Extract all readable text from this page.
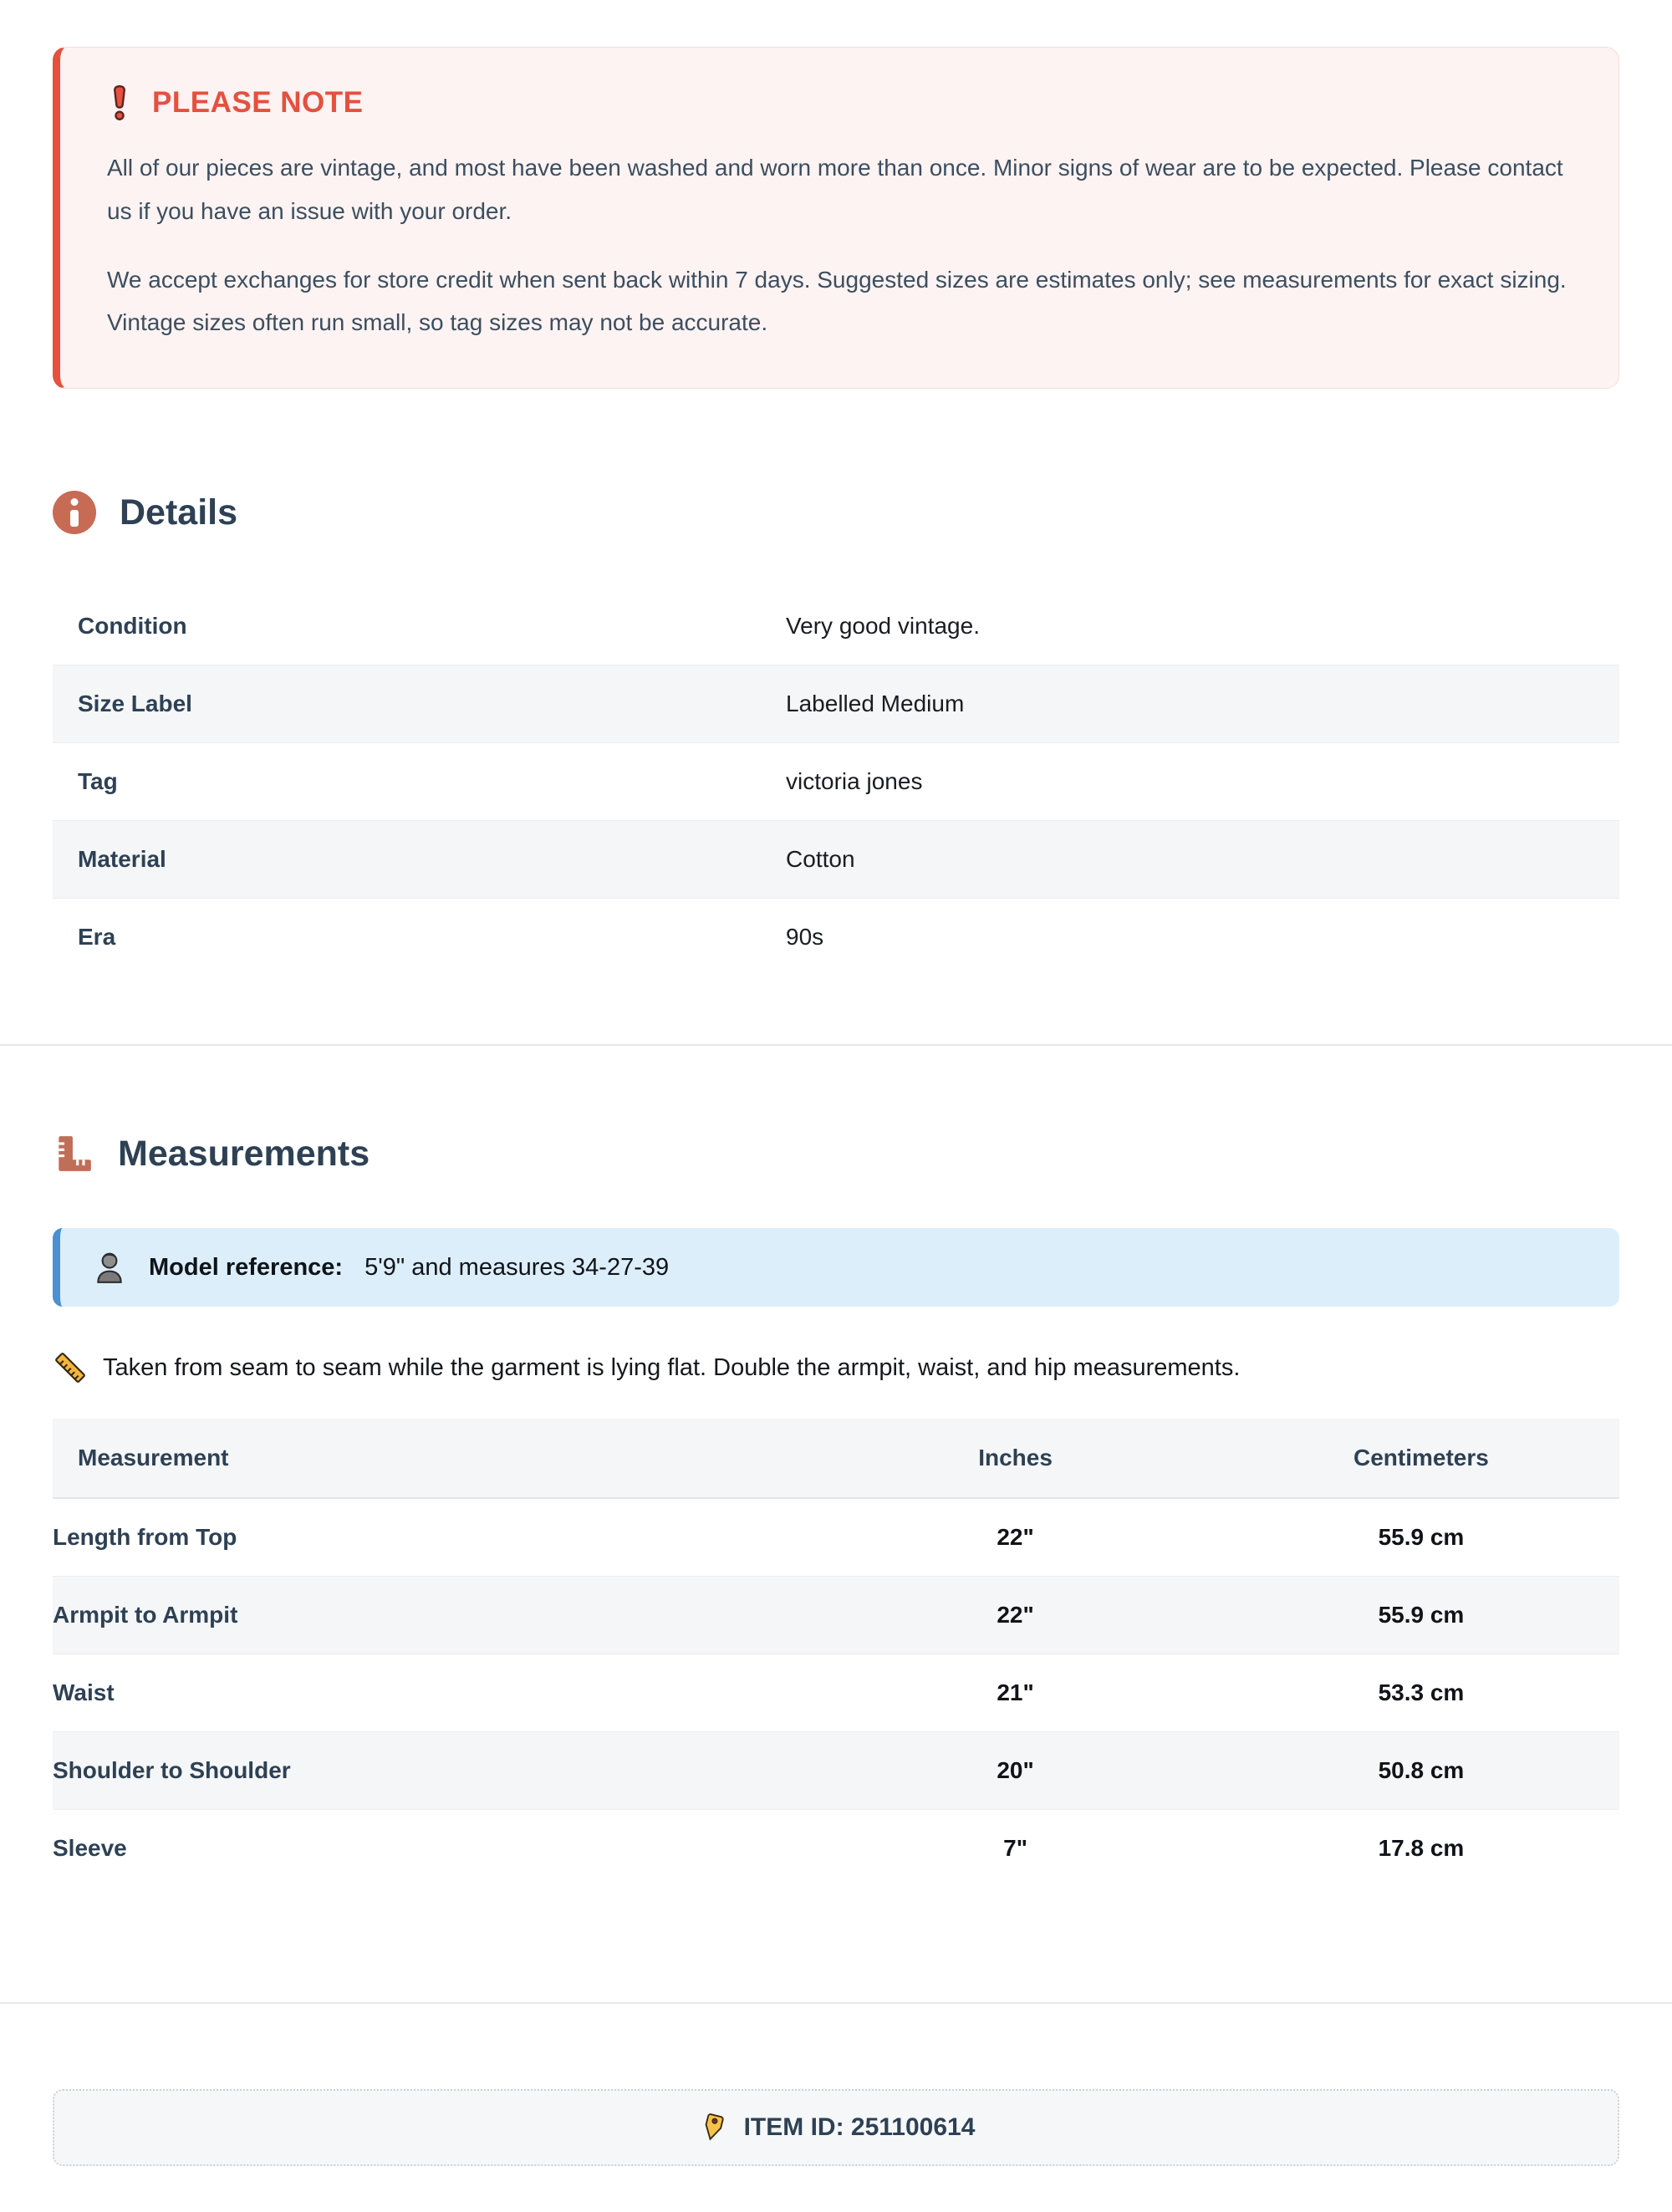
PLEASE NOTE

All of our pieces are vintage, and most have been washed and worn more than once. Minor signs of wear are to be expected. Please contact us if you have an issue with your order.

We accept exchanges for store credit when sent back within 7 days. Suggested sizes are estimates only; see measurements for exact sizing. Vintage sizes often run small, so tag sizes may not be accurate.

Details
Condition	Very good vintage.
Size Label	Labelled Medium
Tag	victoria jones
Material	Cotton
Era	90s
Measurements
Model reference: 5'9" and measures 34-27-39

Taken from seam to seam while the garment is lying flat. Double the armpit, waist, and hip measurements.

Measurement	Inches	Centimeters
Length from Top	22"	55.9 cm
Armpit to Armpit	22"	55.9 cm
Waist	21"	53.3 cm
Shoulder to Shoulder	20"	50.8 cm
Sleeve	7"	17.8 cm
ITEM ID: 251100614
